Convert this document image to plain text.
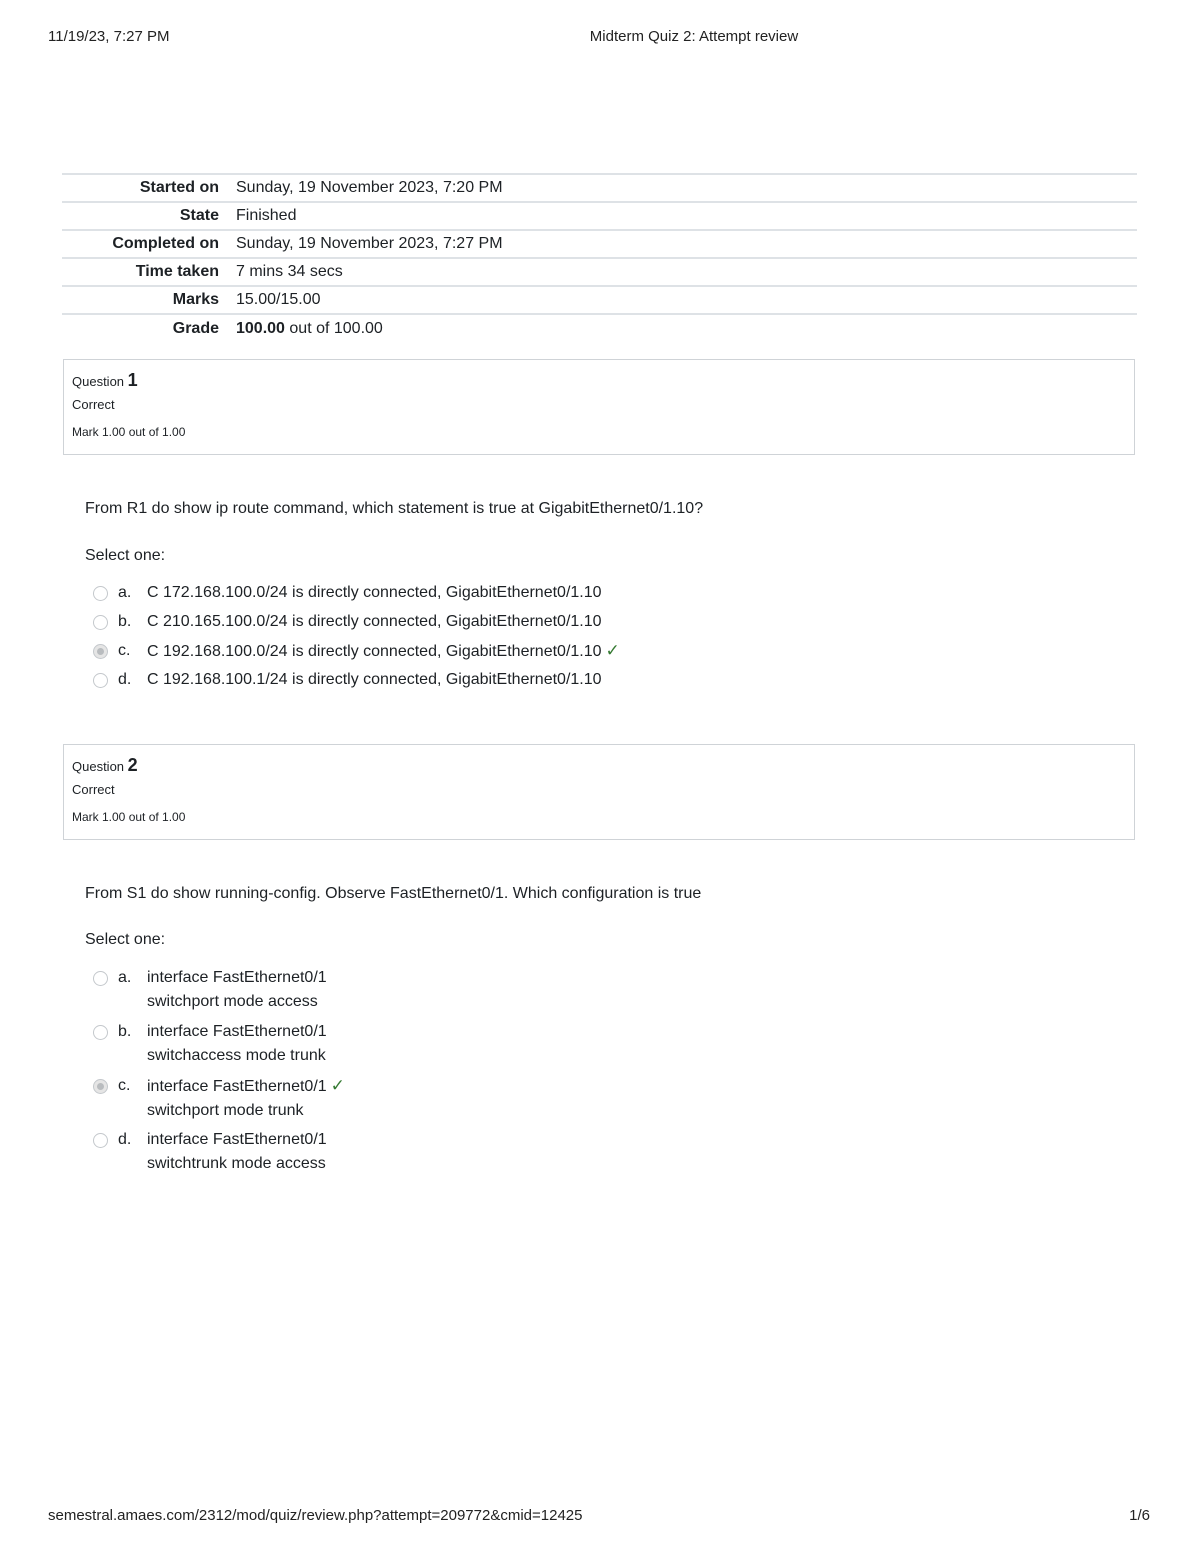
11/19/23, 7:27 PM	Midterm Quiz 2: Attempt review
Started on	Sunday, 19 November 2023, 7:20 PM
State	Finished
Completed on	Sunday, 19 November 2023, 7:27 PM
Time taken	7 mins 34 secs
Marks	15.00/15.00
Grade	100.00 out of 100.00
Question 1
Correct
Mark 1.00 out of 1.00
From R1 do show ip route command, which statement is true at GigabitEthernet0/1.10?
Select one:
a. C 172.168.100.0/24 is directly connected, GigabitEthernet0/1.10
b. C 210.165.100.0/24 is directly connected, GigabitEthernet0/1.10
c. C 192.168.100.0/24 is directly connected, GigabitEthernet0/1.10 ✓
d. C 192.168.100.1/24 is directly connected, GigabitEthernet0/1.10
Question 2
Correct
Mark 1.00 out of 1.00
From S1 do show running-config. Observe FastEthernet0/1. Which configuration is true
Select one:
a. interface FastEthernet0/1
switchport mode access
b. interface FastEthernet0/1
switchaccess mode trunk
c. interface FastEthernet0/1 ✓
switchport mode trunk
d. interface FastEthernet0/1
switchtrunk mode access
semestral.amaes.com/2312/mod/quiz/review.php?attempt=209772&cmid=12425	1/6
